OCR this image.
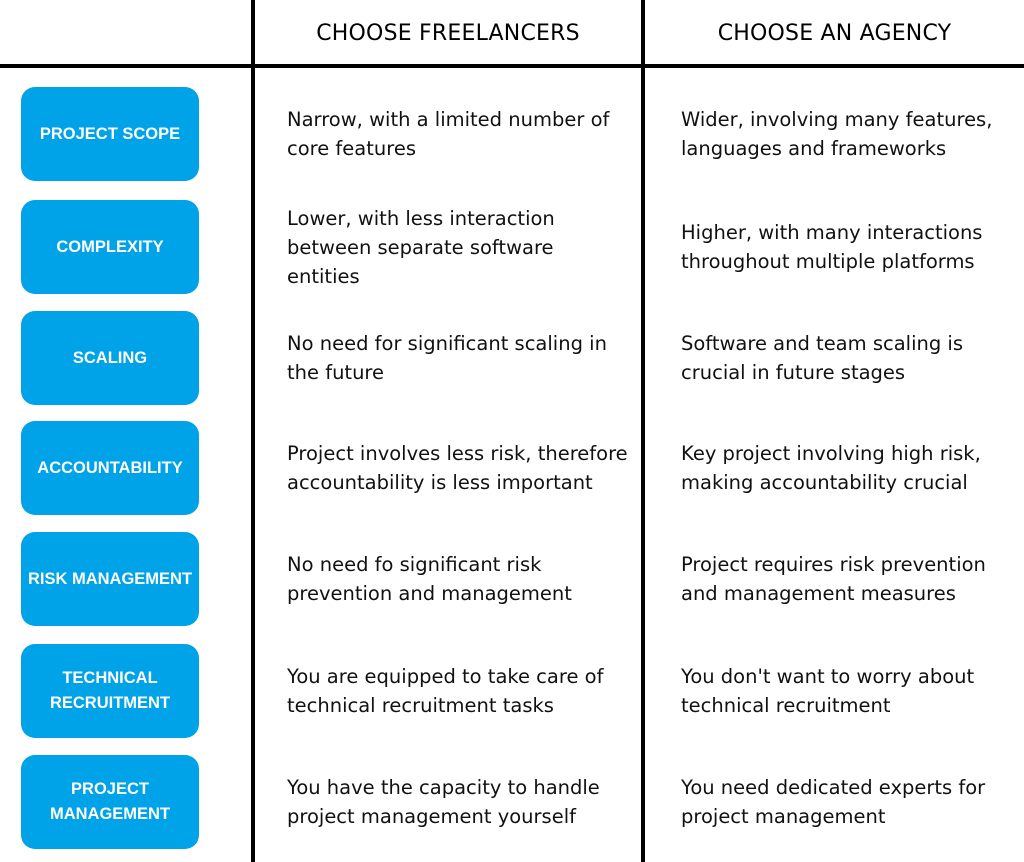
CHOOSE FREELANCERS	CHOOSE AN AGENCY
PROJECT SCOPE
Narrow, with a limited number of core features
Wider, involving many features, languages and frameworks
COMPLEXITY
Lower, with less interaction between separate software entities
Higher, with many interactions throughout multiple platforms
SCALING
No need for significant scaling in the future
Software and team scaling is crucial in future stages
ACCOUNTABILITY
Project involves less risk, therefore accountability is less important
Key project involving high risk, making accountability crucial
RISK MANAGEMENT
No need fo significant risk prevention and management
Project requires risk prevention and management measures
TECHNICAL RECRUITMENT
You are equipped to take care of technical recruitment tasks
You don't want to worry about technical recruitment
PROJECT MANAGEMENT
You have the capacity to handle project management yourself
You need dedicated experts for project management
